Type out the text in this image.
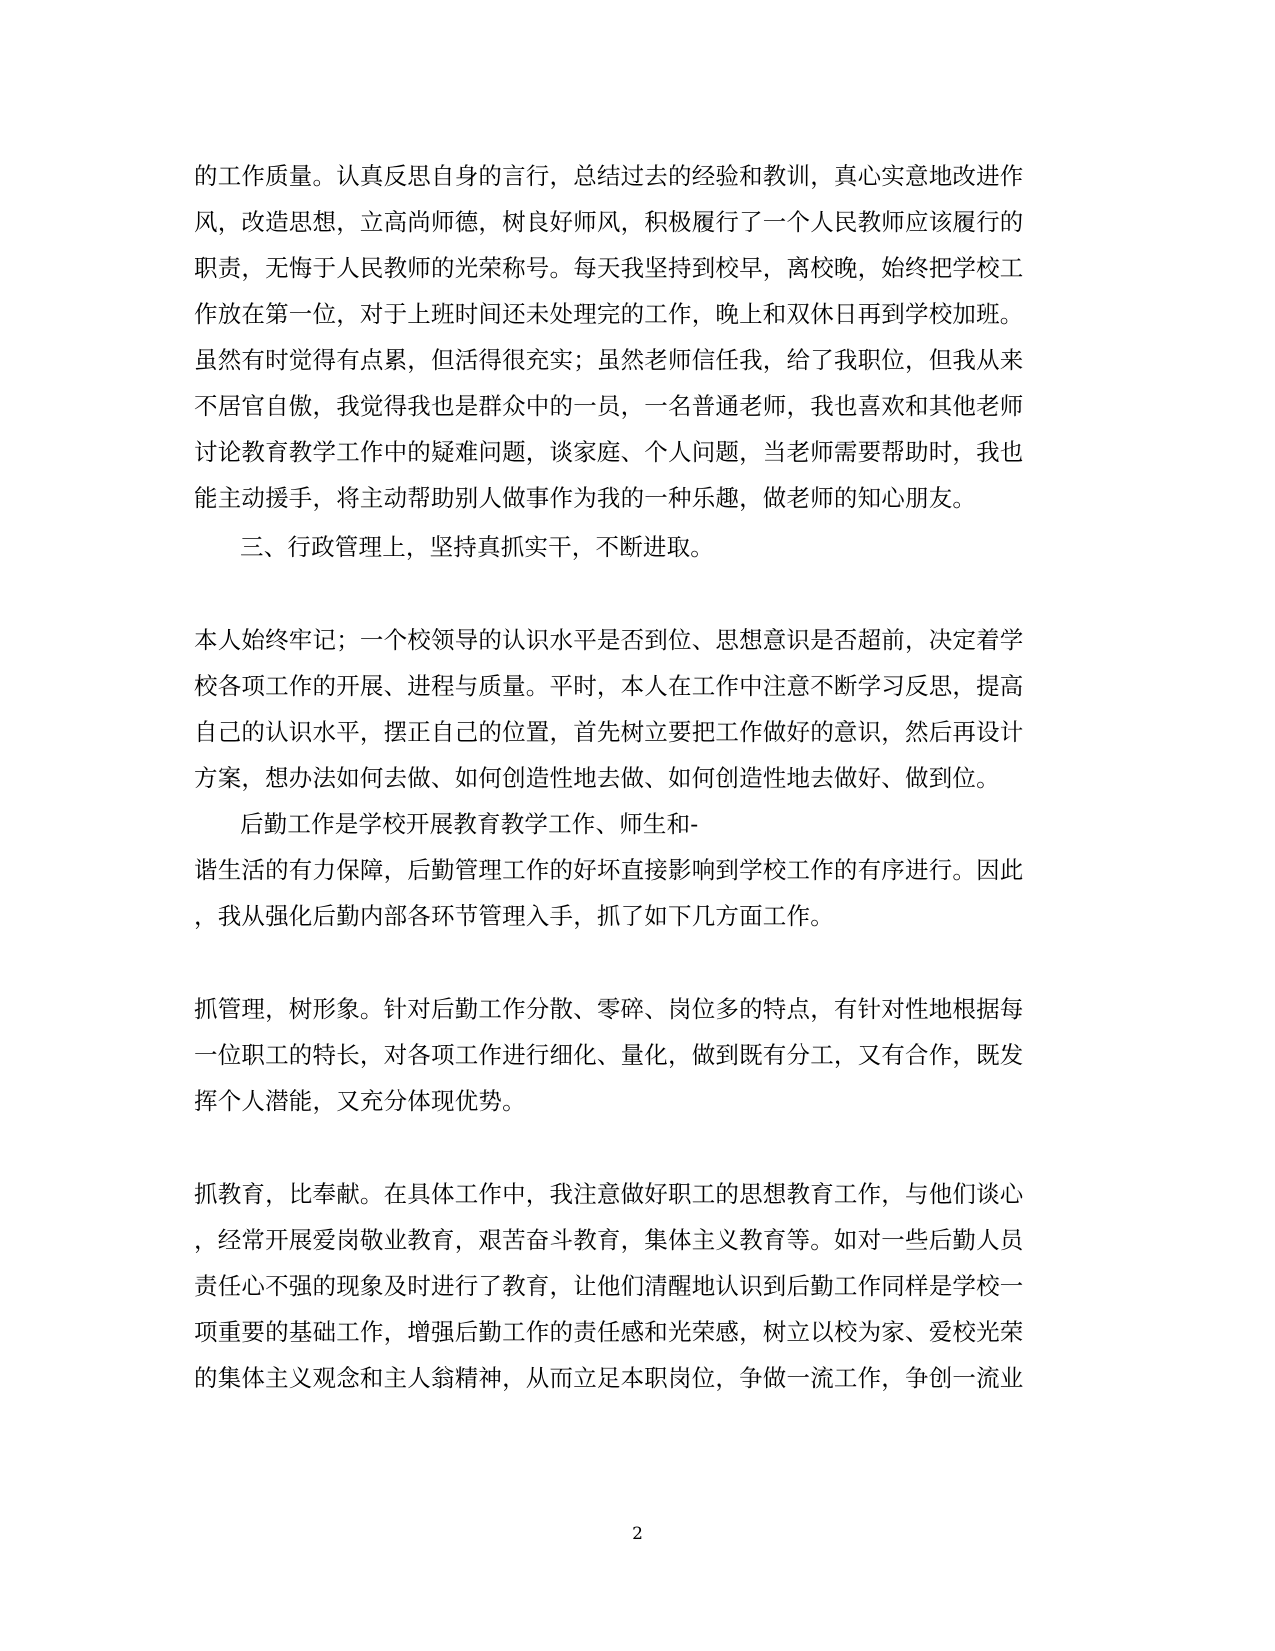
的工作质量。认真反思自身的言行，总结过去的经验和教训，真心实意地改进作
风，改造思想，立高尚师德，树良好师风，积极履行了一个人民教师应该履行的
职责，无悔于人民教师的光荣称号。每天我坚持到校早，离校晚，始终把学校工
作放在第一位，对于上班时间还未处理完的工作，晚上和双休日再到学校加班。
虽然有时觉得有点累，但活得很充实；虽然老师信任我，给了我职位，但我从来
不居官自傲，我觉得我也是群众中的一员，一名普通老师，我也喜欢和其他老师
讨论教育教学工作中的疑难问题，谈家庭、个人问题，当老师需要帮助时，我也
能主动援手，将主动帮助别人做事作为我的一种乐趣，做老师的知心朋友。
三、行政管理上，坚持真抓实干，不断进取。
本人始终牢记；一个校领导的认识水平是否到位、思想意识是否超前，决定着学
校各项工作的开展、进程与质量。平时，本人在工作中注意不断学习反思，提高
自己的认识水平，摆正自己的位置，首先树立要把工作做好的意识，然后再设计
方案，想办法如何去做、如何创造性地去做、如何创造性地去做好、做到位。
后勤工作是学校开展教育教学工作、师生和-
谐生活的有力保障，后勤管理工作的好坏直接影响到学校工作的有序进行。因此
，我从强化后勤内部各环节管理入手，抓了如下几方面工作。
抓管理，树形象。针对后勤工作分散、零碎、岗位多的特点，有针对性地根据每
一位职工的特长，对各项工作进行细化、量化，做到既有分工，又有合作，既发
挥个人潜能，又充分体现优势。
抓教育，比奉献。在具体工作中，我注意做好职工的思想教育工作，与他们谈心
，经常开展爱岗敬业教育，艰苦奋斗教育，集体主义教育等。如对一些后勤人员
责任心不强的现象及时进行了教育，让他们清醒地认识到后勤工作同样是学校一
项重要的基础工作，增强后勤工作的责任感和光荣感，树立以校为家、爱校光荣
的集体主义观念和主人翁精神，从而立足本职岗位，争做一流工作，争创一流业
2
